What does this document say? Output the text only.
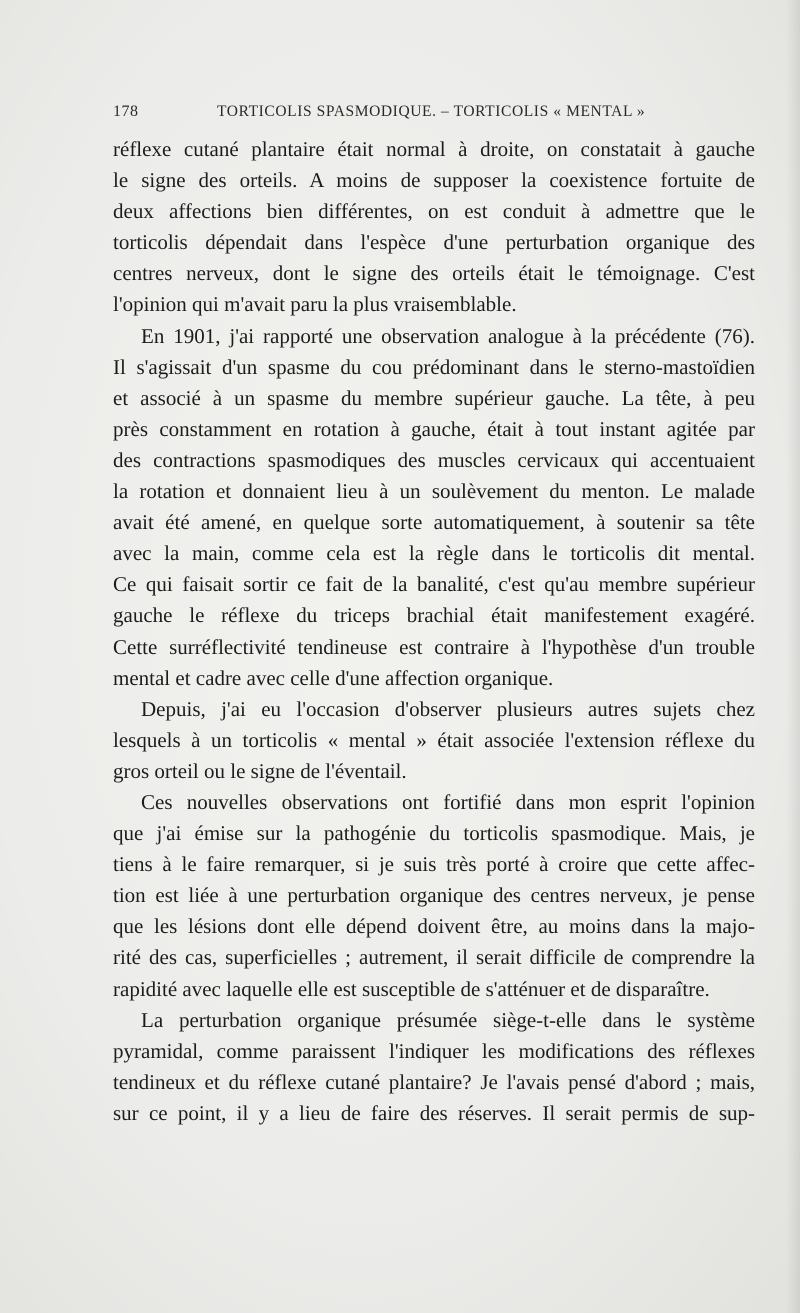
178	TORTICOLIS SPASMODIQUE. – TORTICOLIS « MENTAL »
réflexe cutané plantaire était normal à droite, on constatait à gauche
le signe des orteils. A moins de supposer la coexistence fortuite de
deux affections bien différentes, on est conduit à admettre que le
torticolis dépendait dans l'espèce d'une perturbation organique des
centres nerveux, dont le signe des orteils était le témoignage. C'est
l'opinion qui m'avait paru la plus vraisemblable.
En 1901, j'ai rapporté une observation analogue à la précédente (76).
Il s'agissait d'un spasme du cou prédominant dans le sterno-mastoïdien
et associé à un spasme du membre supérieur gauche. La tête, à peu
près constamment en rotation à gauche, était à tout instant agitée par
des contractions spasmodiques des muscles cervicaux qui accentuaient
la rotation et donnaient lieu à un soulèvement du menton. Le malade
avait été amené, en quelque sorte automatiquement, à soutenir sa tête
avec la main, comme cela est la règle dans le torticolis dit mental.
Ce qui faisait sortir ce fait de la banalité, c'est qu'au membre supérieur
gauche le réflexe du triceps brachial était manifestement exagéré.
Cette surréflectivité tendineuse est contraire à l'hypothèse d'un trouble
mental et cadre avec celle d'une affection organique.
Depuis, j'ai eu l'occasion d'observer plusieurs autres sujets chez
lesquels à un torticolis « mental » était associée l'extension réflexe du
gros orteil ou le signe de l'éventail.
Ces nouvelles observations ont fortifié dans mon esprit l'opinion
que j'ai émise sur la pathogénie du torticolis spasmodique. Mais, je
tiens à le faire remarquer, si je suis très porté à croire que cette affec-
tion est liée à une perturbation organique des centres nerveux, je pense
que les lésions dont elle dépend doivent être, au moins dans la majo-
rité des cas, superficielles ; autrement, il serait difficile de comprendre la
rapidité avec laquelle elle est susceptible de s'atténuer et de disparaître.
La perturbation organique présumée siège-t-elle dans le système
pyramidal, comme paraissent l'indiquer les modifications des réflexes
tendineux et du réflexe cutané plantaire? Je l'avais pensé d'abord ; mais,
sur ce point, il y a lieu de faire des réserves. Il serait permis de sup-
